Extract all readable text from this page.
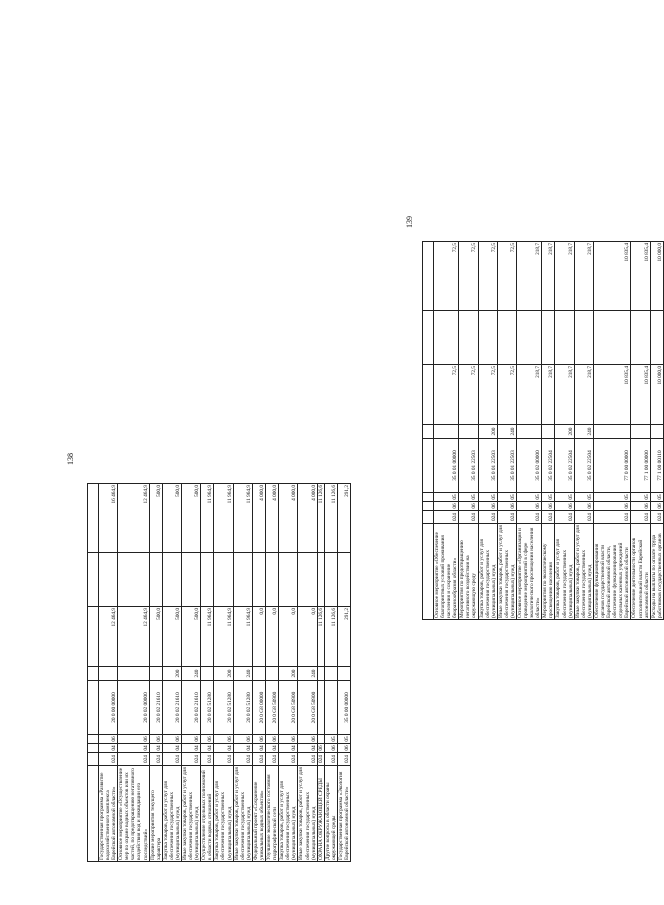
138
139

Государственная программа «Развитие водохозяйственного комплекса Еврейской автономной области»	024	04	06	20 0 00 00000		12 464,9		16 464,9
Основное мероприятие «Осуществление мер по охране водных объектов или их частей, по предотвращению негативного воздействия вод и ликвидации его последствий»	024	04	06	20 0 02 00000		12 464,9		12 464,9
Прочие мероприятия текущего характера	024	04	06	20 0 02 21610		500,0		500,0
Закупка товаров, работ и услуг для обеспечения государственных (муниципальных) нужд	024	04	06	20 0 02 21610	200	500,0		500,0
Иные закупки товаров, работ и услуг для обеспечения государственных (муниципальных) нужд	024	04	06	20 0 02 21610	240	500,0		500,0
Осуществление отдельных полномочий в области водных отношений	024	04	06	20 0 02 51280		11 964,9		11 964,9
Закупка товаров, работ и услуг для обеспечения государственных (муниципальных) нужд	024	04	06	20 0 02 51280	200	11 964,9		11 964,9
Иные закупки товаров, работ и услуг для обеспечения государственных (муниципальных) нужд	024	04	06	20 0 02 51280	240	11 964,9		11 964,9
Федеральный проект «Сохранение уникальных водных объектов»	024	04	06	20 0 G8 00000		0,0		4 000,0
Улучшение экологического состояния гидрографической сети	024	04	06	20 0 G8 50900		0,0		4 000,0
Закупка товаров, работ и услуг для обеспечения государственных (муниципальных) нужд	024	04	06	20 0 G8 50900	200	0,0		4 000,0
Иные закупки товаров, работ и услуг для обеспечения государственных (муниципальных) нужд	024	04	06	20 0 G8 50900	240	0,0		4 000,0
ОХРАНА ОКРУЖАЮЩЕЙ СРЕДЫ	024	06				11 126,6		11 126,6
Другие вопросы в области охраны окружающей среды	024	06	05			11 126,6		11 126,6
Государственная программа «Экология Еврейской автономной области»	024	06	05	35 0 00 00000		291,2		291,2

Основное мероприятие «Обеспечение благоприятных условий проживания населения и сохранение биоразнообразия области»	024	06	05	35 0 01 00000		72,5		72,5
Мероприятия по предотвращению негативного воздействия на окружающую среду	024	06	05	35 0 01 22503		72,5		72,5
Закупка товаров, работ и услуг для обеспечения государственных (муниципальных) нужд	024	06	05	35 0 01 22503	200	72,5		72,5
Иные закупки товаров, работ и услуг для обеспечения государственных (муниципальных) нужд	024	06	05	35 0 01 22503	240	72,5		72,5
Основное мероприятие «Организация и проведение мероприятий в сфере экологического просвещения населения области»	024	06	05	35 0 02 00000		218,7		218,7
Мероприятия по экологическому просвещению населения	024	06	05	35 0 02 22504		218,7		218,7
Закупка товаров, работ и услуг для обеспечения государственных (муниципальных) нужд	024	06	05	35 0 02 22504	200	218,7		218,7
Иные закупки товаров, работ и услуг для обеспечения государственных (муниципальных) нужд	024	06	05	35 0 02 22504	240	218,7		218,7
Обеспечение функционирования органов государственной власти Еврейской автономной области, обеспечение функционирования отдельных казенных учреждений Еврейской автономной области	024	06	05	77 0 00 00000		10 835,4		10 835,4
Обеспечение деятельности органов исполнительной власти Еврейской автономной области	024	06	05	77 1 00 00000		10 835,4		10 835,4
Расходы на выплаты по оплате труда работников государственных органов	024	06	05	77 1 00 00110		10 000,0		10 000,0
